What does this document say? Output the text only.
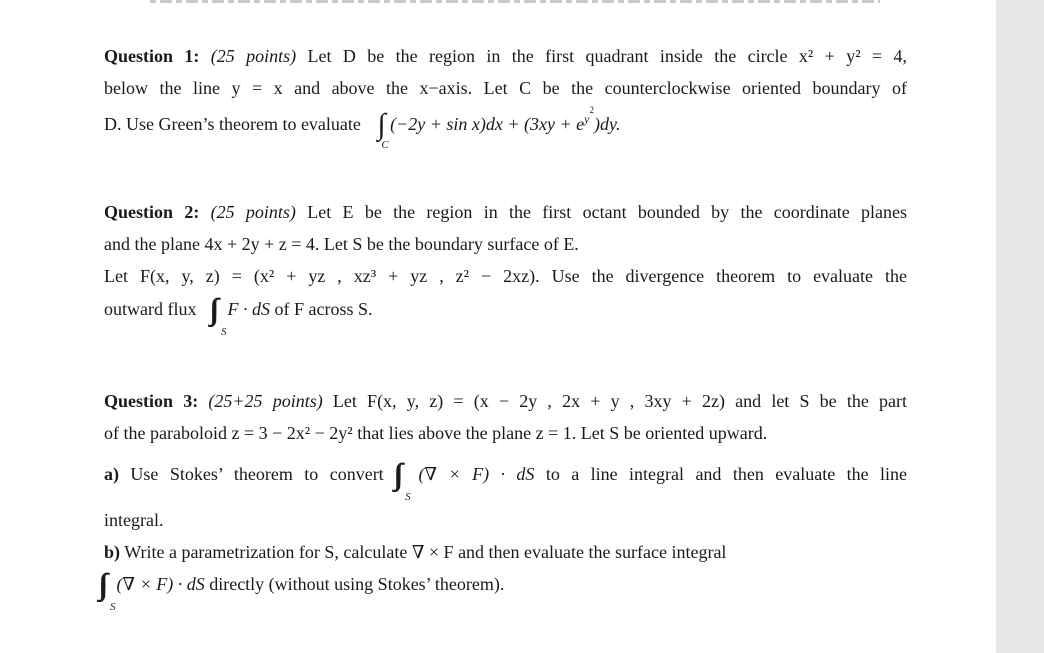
Question 1: (25 points) Let D be the region in the first quadrant inside the circle x² + y² = 4,
below the line y = x and above the x−axis. Let C be the counterclockwise oriented boundary of
D. Use Green’s theorem to evaluate ∫
C
$(-2y + \sin x)dx + (3xy + e^{y^2})dy$.
Question 2: (25 points) Let E be the region in the first octant bounded by the coordinate planes
and the plane 4x + 2y + z = 4. Let S be the boundary surface of E.
Let F(x, y, z) = (x² + yz , xz³ + yz , z² − 2xz). Use the divergence theorem to evaluate the
outward flux
S
F · dS of F across S.
Question 3: (25+25 points) Let F(x, y, z) = (x − 2y , 2x + y , 3xy + 2z) and let S be the part
of the paraboloid z = 3 − 2x² − 2y² that lies above the plane z = 1. Let S be oriented upward.
a) Use Stokes’ theorem to convert
S
(∇ × F) · dS to a line integral and then evaluate the line
integral.
b) Write a parametrization for S, calculate ∇ × F and then evaluate the surface integral
S
(∇ × F) · dS directly (without using Stokes’ theorem).
